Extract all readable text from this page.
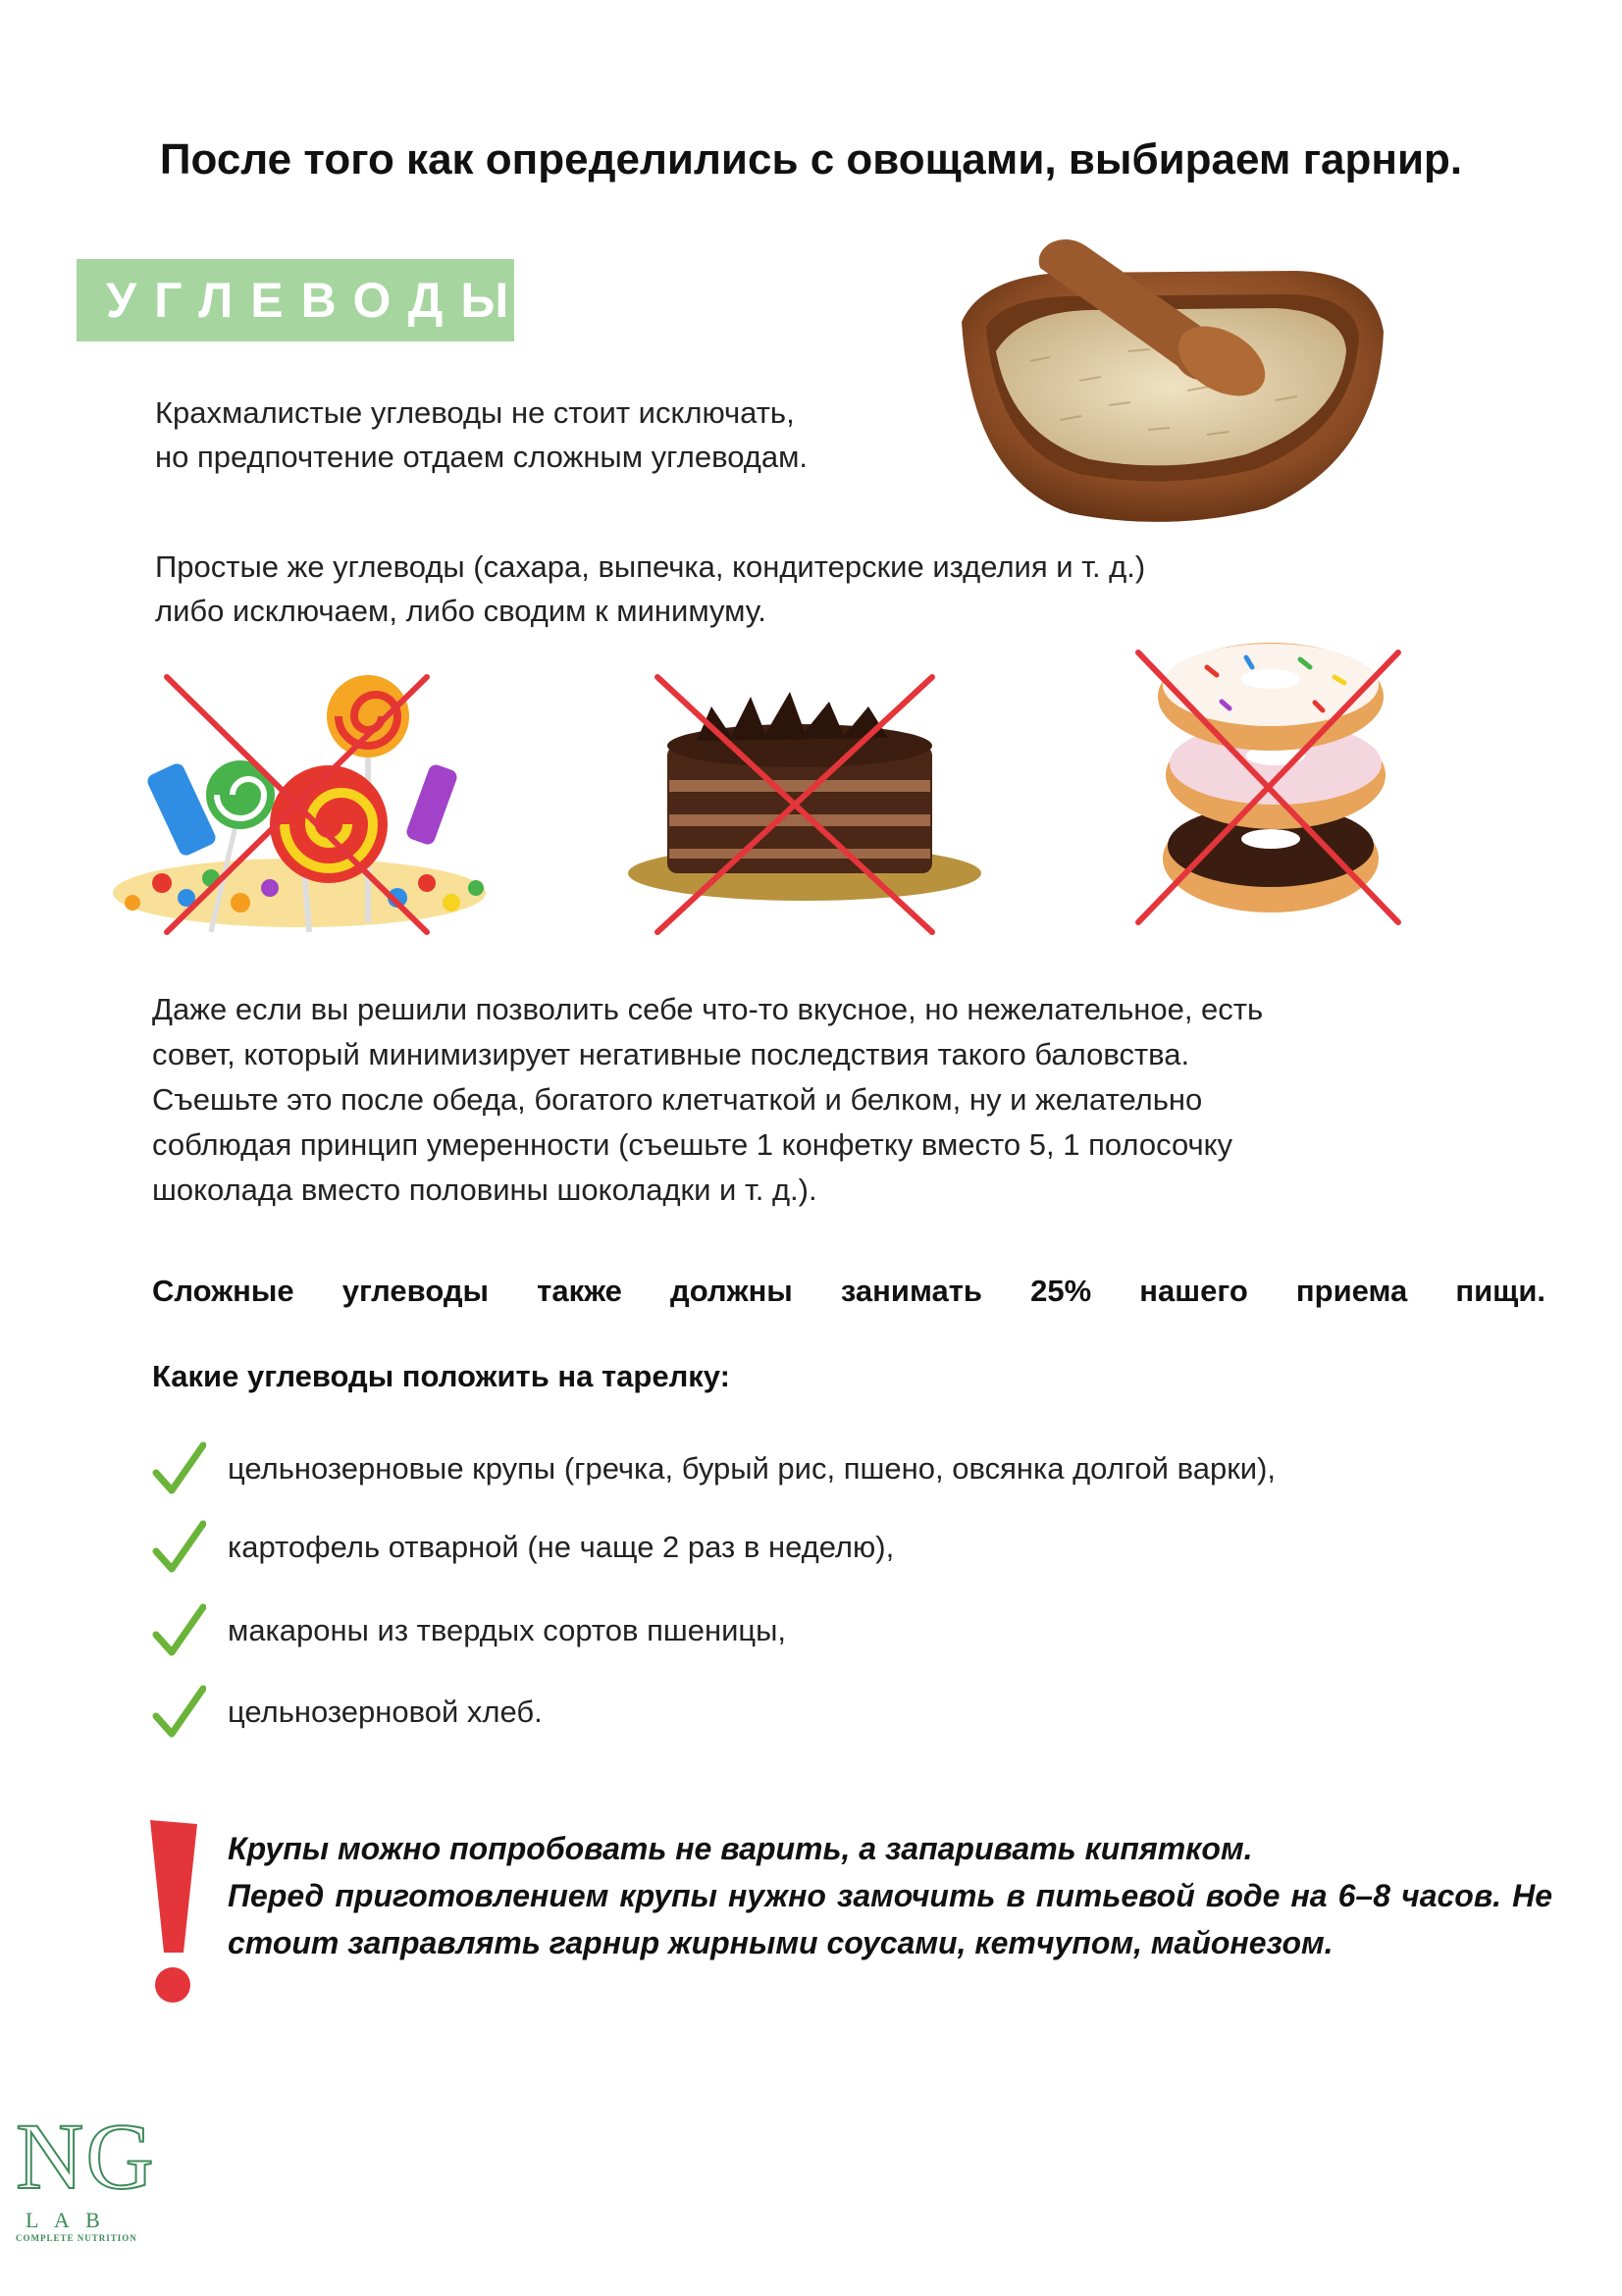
После того как определились с овощами, выбираем гарнир.
УГЛЕВОДЫ
Крахмалистые углеводы не стоит исключать,
но предпочтение отдаем сложным углеводам.
Простые же углеводы (сахара, выпечка, кондитерские изделия и т. д.)
либо исключаем, либо сводим к минимуму.
Даже если вы решили позволить себе что-то вкусное, но нежелательное, есть
совет, который минимизирует негативные последствия такого баловства.
Съешьте это после обеда, богатого клетчаткой и белком, ну и желательно
соблюдая принцип умеренности (съешьте 1 конфетку вместо 5, 1 полосочку
шоколада вместо половины шоколадки и т. д.).
Сложные углеводы также должны занимать 25% нашего приема пищи.
Какие углеводы положить на тарелку:
цельнозерновые крупы (гречка, бурый рис, пшено, овсянка долгой варки),
картофель отварной (не чаще 2 раз в неделю),
макароны из твердых сортов пшеницы,
цельнозерновой хлеб.
Крупы можно попробовать не варить, а запаривать кипятком.
Перед приготовлением крупы нужно замочить в питьевой воде на 6–8 часов. Не стоит заправлять гарнир жирными соусами, кетчупом, майонезом.
NG
L A B
COMPLETE NUTRITION
